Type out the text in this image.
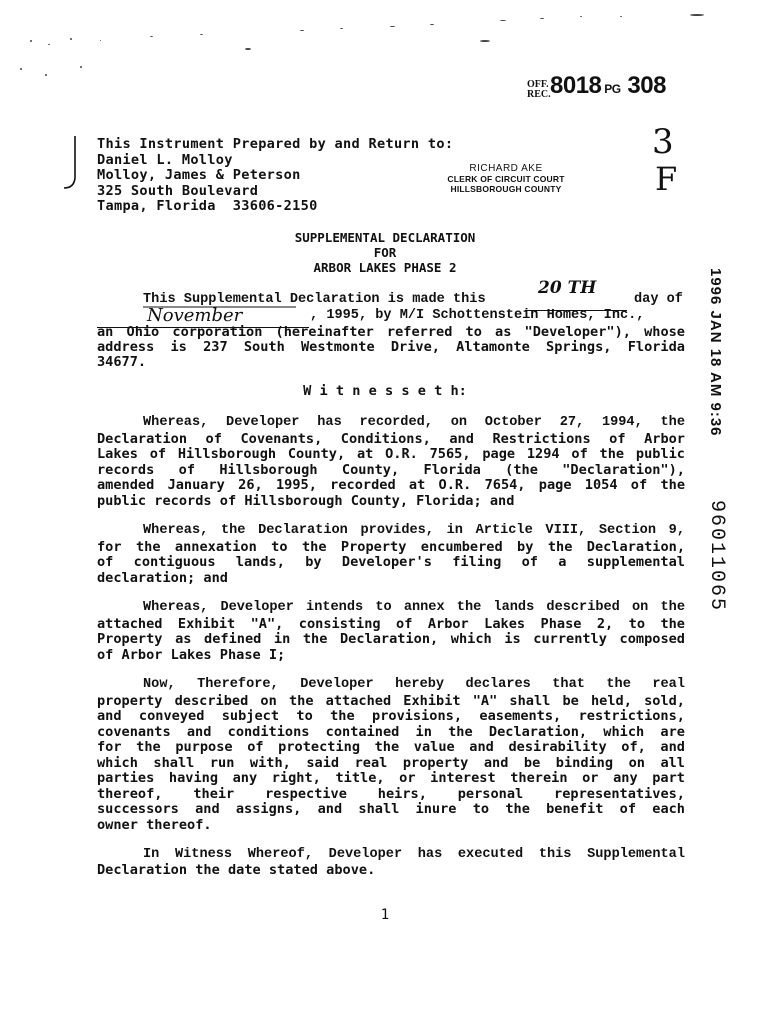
OFF. REC. 8018 PG 308
This Instrument Prepared by and Return to:
Daniel L. Molloy
Molloy, James & Peterson
325 South Boulevard
Tampa, Florida  33606-2150
RICHARD AKE
CLERK OF CIRCUIT COURT
HILLSBOROUGH COUNTY
3
F
SUPPLEMENTAL DECLARATION
FOR
ARBOR LAKES PHASE 2
This Supplemental Declaration is made this
20 TH
day of
November	, 1995, by M/I Schottenstein Homes, Inc.,
an Ohio corporation (hereinafter referred to as "Developer"), whose
address is 237 South Westmonte Drive, Altamonte Springs, Florida
34677.	1996 JAN 18 AM 9:36
96011065
W i t n e s s e t h:
Whereas, Developer has recorded, on October 27, 1994, the
Declaration of Covenants, Conditions, and Restrictions of Arbor
Lakes of Hillsborough County, at O.R. 7565, page 1294 of the public
records of Hillsborough County, Florida (the "Declaration"),
amended January 26, 1995, recorded at O.R. 7654, page 1054 of the
public records of Hillsborough County, Florida; and
Whereas, the Declaration provides, in Article VIII, Section 9,
for the annexation to the Property encumbered by the Declaration,
of contiguous lands, by Developer's filing of a supplemental
declaration; and
Whereas, Developer intends to annex the lands described on the
attached Exhibit "A", consisting of Arbor Lakes Phase 2, to the
Property as defined in the Declaration, which is currently composed
of Arbor Lakes Phase I;
Now, Therefore, Developer hereby declares that the real
property described on the attached Exhibit "A" shall be held, sold,
and conveyed subject to the provisions, easements, restrictions,
covenants and conditions contained in the Declaration, which are
for the purpose of protecting the value and desirability of, and
which shall run with, said real property and be binding on all
parties having any right, title, or interest therein or any part
thereof, their respective heirs, personal representatives,
successors and assigns, and shall inure to the benefit of each
owner thereof.
In Witness Whereof, Developer has executed this Supplemental
Declaration the date stated above.
1
